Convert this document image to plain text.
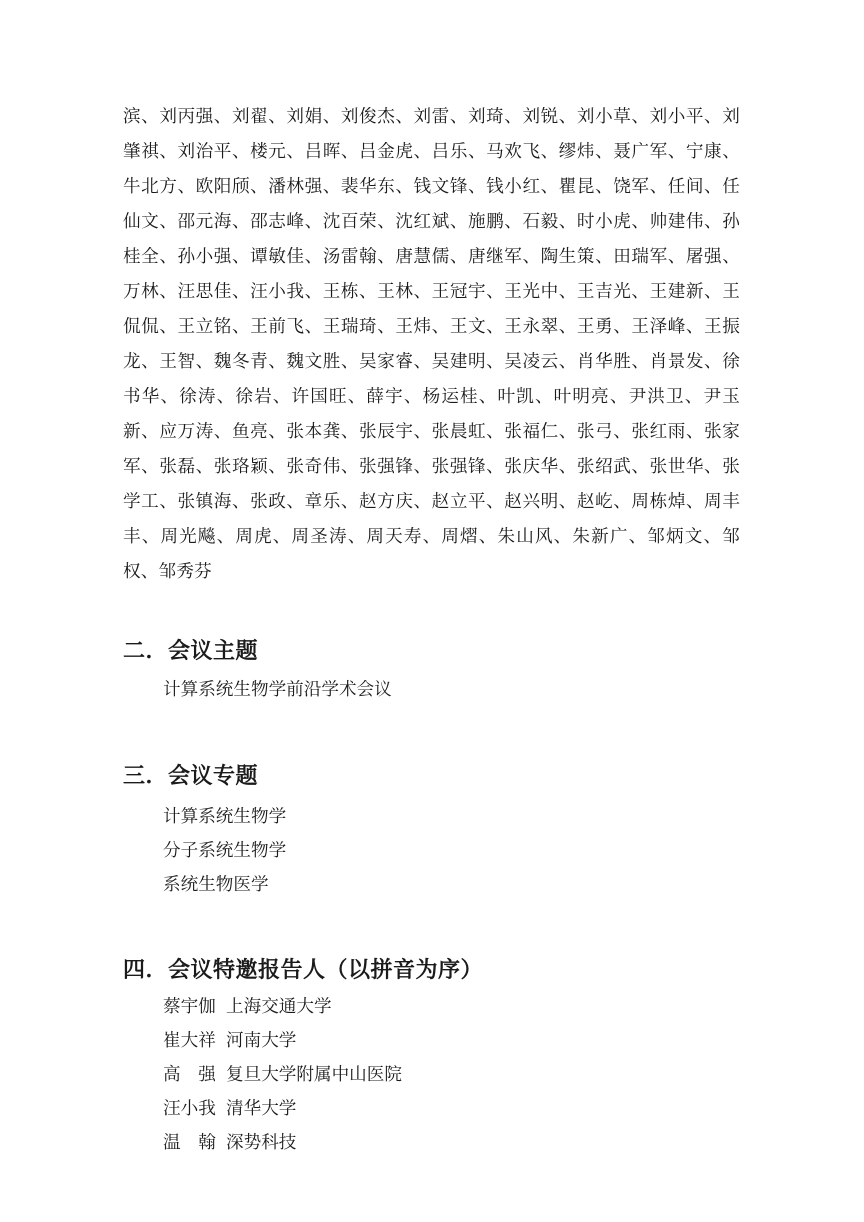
滨、刘丙强、刘翟、刘娟、刘俊杰、刘雷、刘琦、刘锐、刘小草、刘小平、刘肇祺、刘治平、楼元、吕晖、吕金虎、吕乐、马欢飞、缪炜、聂广军、宁康、牛北方、欧阳颀、潘林强、裴华东、钱文锋、钱小红、瞿昆、饶军、任间、任仙文、邵元海、邵志峰、沈百荣、沈红斌、施鹏、石毅、时小虎、帅建伟、孙桂全、孙小强、谭敏佳、汤雷翰、唐慧儒、唐继军、陶生策、田瑞军、屠强、万林、汪思佳、汪小我、王栋、王林、王冠宇、王光中、王吉光、王建新、王侃侃、王立铭、王前飞、王瑞琦、王炜、王文、王永翠、王勇、王泽峰、王振龙、王智、魏冬青、魏文胜、吴家睿、吴建明、吴凌云、肖华胜、肖景发、徐书华、徐涛、徐岩、许国旺、薛宇、杨运桂、叶凯、叶明亮、尹洪卫、尹玉新、应万涛、鱼亮、张本龚、张辰宇、张晨虹、张福仁、张弓、张红雨、张家军、张磊、张珞颖、张奇伟、张强锋、张强锋、张庆华、张绍武、张世华、张学工、张镇海、张政、章乐、赵方庆、赵立平、赵兴明、赵屹、周栋焯、周丰丰、周光飚、周虎、周圣涛、周天寿、周熠、朱山风、朱新广、邹炳文、邹权、邹秀芬

二．会议主题

计算系统生物学前沿学术会议

三．会议专题

计算系统生物学

分子系统生物学

系统生物医学

四．会议特邀报告人（以拼音为序）

蔡宇伽 上海交通大学

崔大祥 河南大学

高　强 复旦大学附属中山医院

汪小我 清华大学

温　翰 深势科技
